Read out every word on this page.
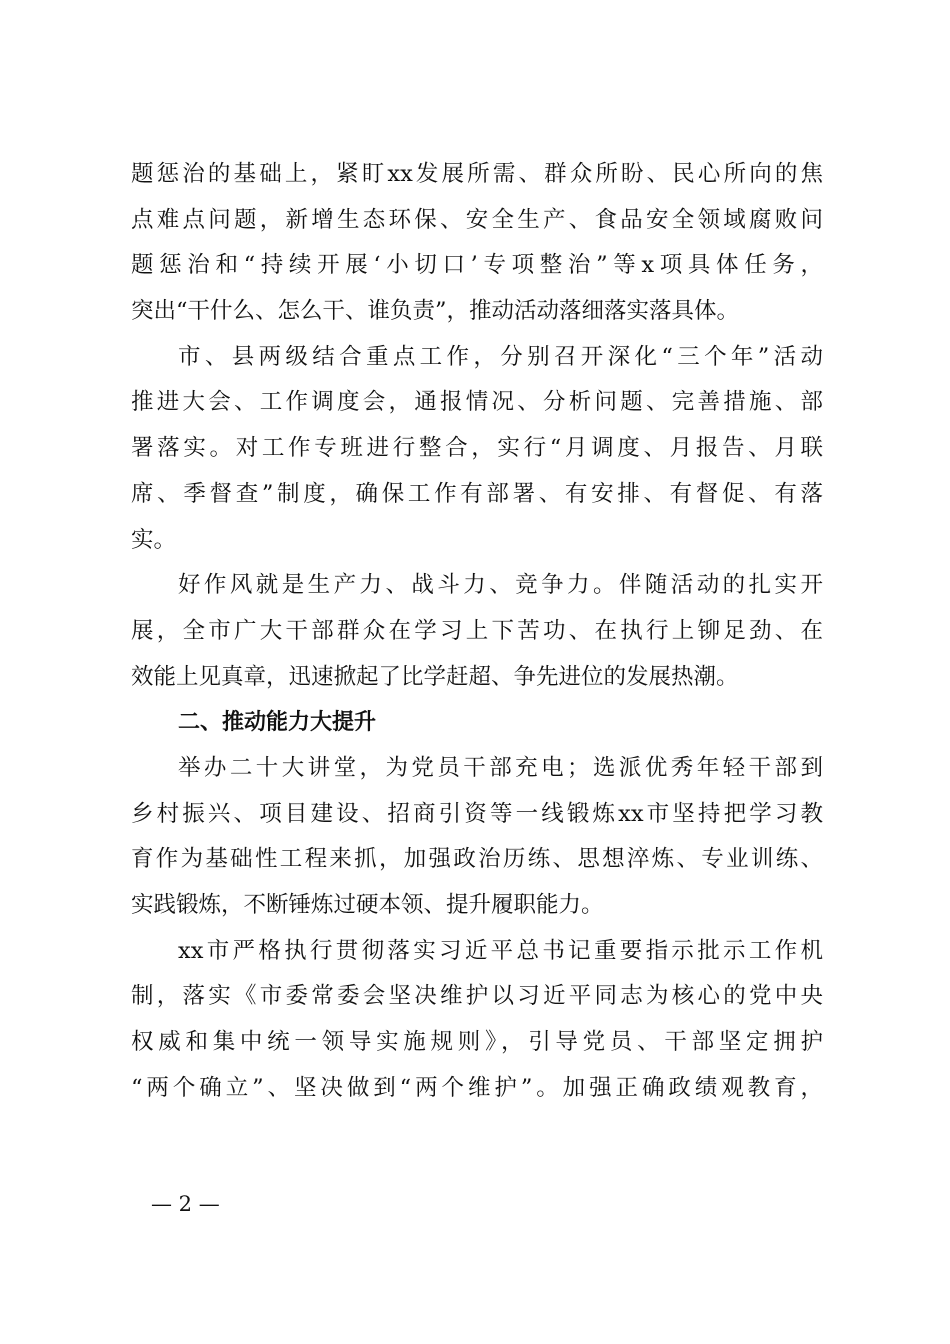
题惩治的基础上，紧盯xx发展所需、群众所盼、民心所向的焦
点难点问题，新增生态环保、安全生产、食品安全领域腐败问
题惩治和“持续开展‘小切口’专项整治”等x项具体任务，
突出“干什么、怎么干、谁负责”，推动活动落细落实落具体。
市、县两级结合重点工作，分别召开深化“三个年”活动
推进大会、工作调度会，通报情况、分析问题、完善措施、部
署落实。对工作专班进行整合，实行“月调度、月报告、月联
席、季督查”制度，确保工作有部署、有安排、有督促、有落
实。
好作风就是生产力、战斗力、竞争力。伴随活动的扎实开
展，全市广大干部群众在学习上下苦功、在执行上铆足劲、在
效能上见真章，迅速掀起了比学赶超、争先进位的发展热潮。
二、推动能力大提升
举办二十大讲堂，为党员干部充电；选派优秀年轻干部到
乡村振兴、项目建设、招商引资等一线锻炼xx市坚持把学习教
育作为基础性工程来抓，加强政治历练、思想淬炼、专业训练、
实践锻炼，不断锤炼过硬本领、提升履职能力。
xx市严格执行贯彻落实习近平总书记重要指示批示工作机
制，落实《市委常委会坚决维护以习近平同志为核心的党中央
权威和集中统一领导实施规则》，引导党员、干部坚定拥护
“两个确立”、坚决做到“两个维护”。加强正确政绩观教育，
— 2 —
